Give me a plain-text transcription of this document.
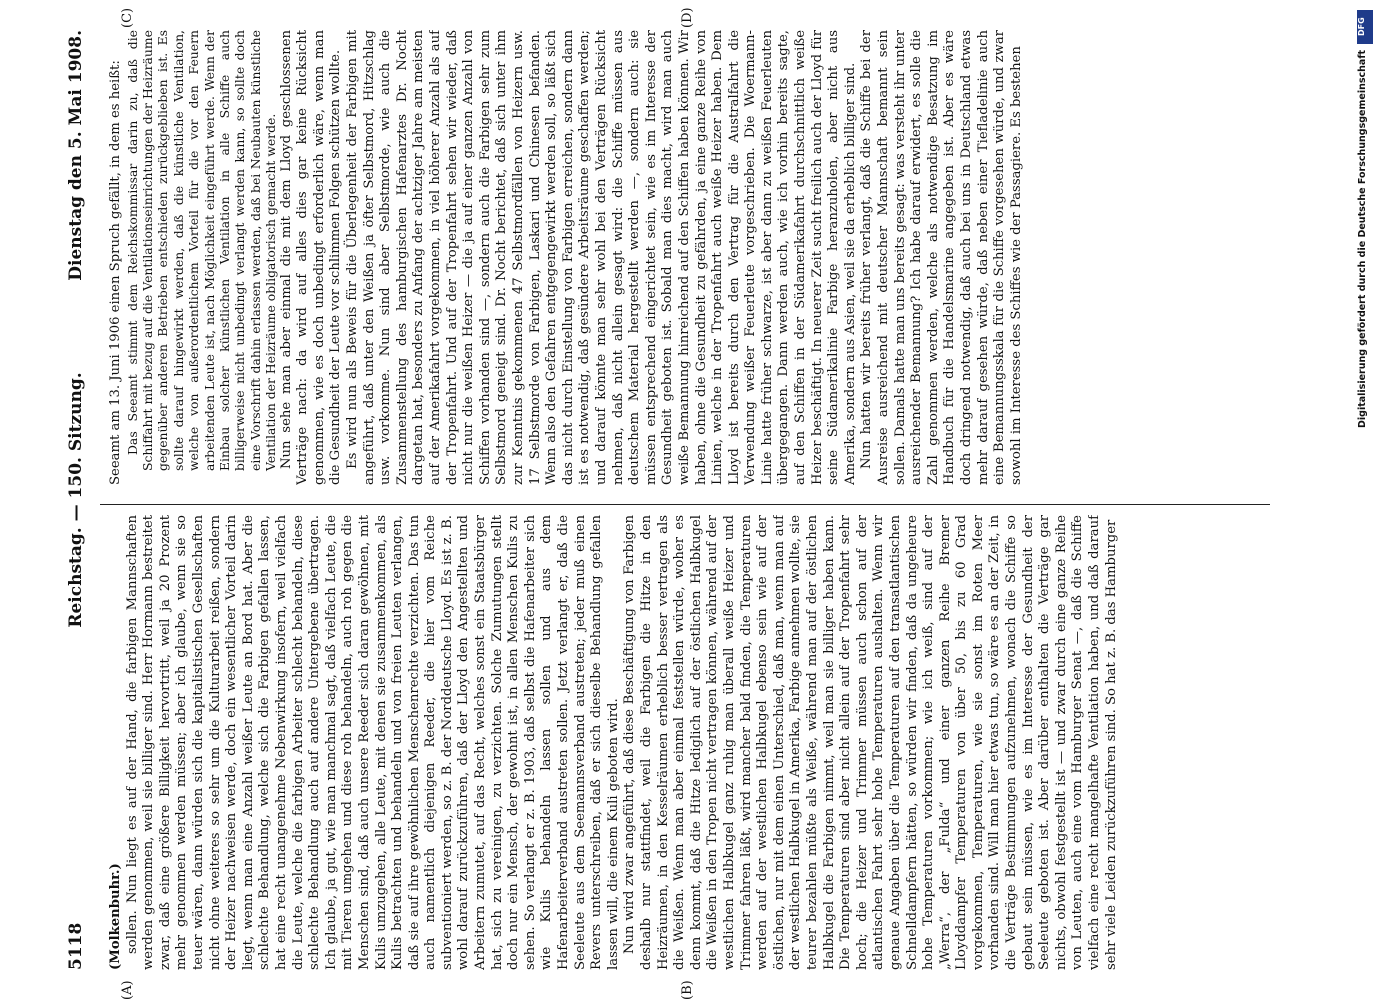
5118
Reichstag. — 150. Sitzung.
Dienstag den 5. Mai 1908.
(A)	(B)
(C)	(D)
(Molkenbuhr.) sollen. Nun liegt es auf der Hand, die farbigen Mannschaften werden genommen, weil sie billiger sind. Herr Hormann bestreitet zwar, daß eine größere Billigkeit hervortritt, weil ja 20 Prozent mehr genommen werden müssen; aber ich glaube, wenn sie so teuer wären, dann würden sich die kapitalistischen Gesellschaften nicht ohne weiteres so sehr um die Kulturarbeit reißen, sondern der Heizer nachweisen werde, doch ein wesentlicher Vorteil darin liegt, wenn man eine Anzahl weißer Leute an Bord hat. Aber die schlechte Behandlung, welche sich die Farbigen gefallen lassen, hat eine recht unangenehme Nebenwirkung insofern, weil vielfach die Leute, welche die farbigen Arbeiter schlecht behandeln, diese schlechte Behandlung auch auf andere Untergebene übertragen. Ich glaube, ja gut, wie man manchmal sagt, daß vielfach Leute, die mit Tieren umgehen und diese roh behandeln, auch roh gegen die Menschen sind, daß auch unsere Reeder sich daran gewöhnen, mit Kulis umzugehen, alle Leute, mit denen sie zusammenkommen, als Kulis betrachten und behandeln und von freien Leuten verlangen, daß sie auf ihre gewöhnlichen Menschenrechte verzichten. Das tun auch namentlich diejenigen Reeder, die hier vom Reiche subventioniert werden, so z. B. der Norddeutsche Lloyd. Es ist z. B. wohl darauf zurückzuführen, daß der Lloyd den Angestellten und Arbeitern zumutet, auf das Recht, welches sonst ein Staatsbürger hat, sich zu vereinigen, zu verzichten. Solche Zumutungen stellt doch nur ein Mensch, der gewohnt ist, in allen Menschen Kulis zu sehen. So verlangt er z. B. 1903, daß selbst die Hafenarbeiter sich wie Kulis behandeln lassen sollen und aus dem Hafenarbeiterverband austreten sollen. Jetzt verlangt er, daß die Seeleute aus dem Seemannsverband austreten; jeder muß einen Revers unterschreiben, daß er sich dieselbe Behandlung gefallen lassen will, die einem Kuli geboten wird. Nun wird zwar angeführt, daß diese Beschäftigung von Farbigen deshalb nur stattfindet, weil die Farbigen die Hitze in den Heizräumen, in den Kesselräumen erheblich besser vertragen als die Weißen. Wenn man aber einmal feststellen würde, woher es denn kommt, daß die Hitze lediglich auf der östlichen Halbkugel die Weißen in den Tropen nicht vertragen können, während auf der westlichen Halbkugel ganz ruhig man überall weiße Heizer und Trimmer fahren läßt, wird mancher bald finden, die Temperaturen werden auf der westlichen Halbkugel ebenso sein wie auf der östlichen, nur mit dem einen Unterschied, daß man, wenn man auf der westlichen Halbkugel in Amerika, Farbige annehmen wollte, sie teurer bezahlen müßte als Weiße, während man auf der östlichen Halbkugel die Farbigen nimmt, weil man sie billiger haben kann. Die Temperaturen sind aber nicht allein auf der Tropenfahrt sehr hoch; die Heizer und Trimmer müssen auch schon auf der atlantischen Fahrt sehr hohe Temperaturen aushalten. Wenn wir genaue Angaben über die Temperaturen auf den transatlantischen Schnelldampfern hätten, so würden wir finden, daß da ungeheure hohe Temperaturen vorkommen; wie ich weiß, sind auf der „Werra“, der „Fulda“ und einer ganzen Reihe Bremer Lloyddampfer Temperaturen von über 50, bis zu 60 Grad vorgekommen, Temperaturen, wie sie sonst im Roten Meer vorhanden sind. Will man hier etwas tun, so wäre es an der Zeit, in die Verträge Bestimmungen aufzunehmen, wonach die Schiffe so gebaut sein müssen, wie es im Interesse der Gesundheit der Seeleute geboten ist. Aber darüber enthalten die Verträge gar nichts, obwohl festgestellt ist — und zwar durch eine ganze Reihe von Leuten, auch eine vom Hamburger Senat —, daß die Schiffe vielfach eine recht mangelhafte Ventilation haben, und daß darauf sehr viele Leiden zurückzuführen sind. So hat z. B. das Hamburger

Seeamt am 13. Juni 1906 einen Spruch gefällt, in dem es heißt: Das Seeamt stimmt dem Reichskommissar darin zu, daß die Schiffahrt mit bezug auf die Ventilationseinrichtungen der Heizräume gegenüber anderen Betrieben entschieden zurückgeblieben ist. Es sollte darauf hingewirkt werden, daß die künstliche Ventilation, welche von außerordentlichem Vorteil für die vor den Feuern arbeitenden Leute ist, nach Möglichkeit eingeführt werde. Wenn der Einbau solcher künstlichen Ventilation in alle Schiffe auch billigerweise nicht unbedingt verlangt werden kann, so sollte doch eine Vorschrift dahin erlassen werden, daß bei Neubauten künstliche Ventilation der Heizräume obligatorisch gemacht werde. Nun sehe man aber einmal die mit dem Lloyd geschlossenen Verträge nach: da wird auf alles dies gar keine Rücksicht genommen, wie es doch unbedingt erforderlich wäre, wenn man die Gesundheit der Leute vor schlimmen Folgen schützen wollte. Es wird nun als Beweis für die Überlegenheit der Farbigen mit angeführt, daß unter den Weißen ja öfter Selbstmord, Hitzschlag usw. vorkomme. Nun sind aber Selbstmorde, wie auch die Zusammenstellung des hamburgischen Hafenarztes Dr. Nocht dargetan hat, besonders zu Anfang der achtziger Jahre am meisten auf der Amerikafahrt vorgekommen, in viel höherer Anzahl als auf der Tropenfahrt. Und auf der Tropenfahrt sehen wir wieder, daß nicht nur die weißen Heizer — die ja auf einer ganzen Anzahl von Schiffen vorhanden sind —, sondern auch die Farbigen sehr zum Selbstmord geneigt sind. Dr. Nocht berichtet, daß sich unter ihm zur Kenntnis gekommenen 47 Selbstmordfällen von Heizern usw. 17 Selbstmorde von Farbigen, Laskari und Chinesen befanden. Wenn also den Gefahren entgegengewirkt werden soll, so läßt sich das nicht durch Einstellung von Farbigen erreichen, sondern dann ist es notwendig, daß gesündere Arbeitsräume geschaffen werden; und darauf könnte man sehr wohl bei den Verträgen Rücksicht nehmen, daß nicht allein gesagt wird: die Schiffe müssen aus deutschem Material hergestellt werden —, sondern auch: sie müssen entsprechend eingerichtet sein, wie es im Interesse der Gesundheit geboten ist. Sobald man dies macht, wird man auch weiße Bemannung hinreichend auf den Schiffen haben können. Wir haben, ohne die Gesundheit zu gefährden, ja eine ganze Reihe von Linien, welche in der Tropenfahrt auch weiße Heizer haben. Dem Lloyd ist bereits durch den Vertrag für die Australfahrt die Verwendung weißer Feuerleute vorgeschrieben. Die Woermann-Linie hatte früher schwarze, ist aber dann zu weißen Feuerleuten übergegangen. Dann werden auch, wie ich vorhin bereits sagte, auf den Schiffen in der Südamerikafahrt durchschnittlich weiße Heizer beschäftigt. In neuerer Zeit sucht freilich auch der Lloyd für seine Südamerikalinie Farbige heranzuholen, aber nicht aus Amerika, sondern aus Asien, weil sie da erheblich billiger sind. Nun hatten wir bereits früher verlangt, daß die Schiffe bei der Ausreise ausreichend mit deutscher Mannschaft bemannt sein sollen. Damals hatte man uns bereits gesagt: was versteht ihr unter ausreichender Bemannung? Ich habe darauf erwidert, es solle die Zahl genommen werden, welche als notwendige Besatzung im Handbuch für die Handelsmarine angegeben ist. Aber es wäre doch dringend notwendig, daß auch bei uns in Deutschland etwas mehr darauf gesehen würde, daß neben einer Tiefladelinie auch eine Bemannungsskala für die Schiffe vorgesehen würde, und zwar sowohl im Interesse des Schiffes wie der Passagiere. Es bestehen

DFG
Digitalisierung gefördert durch die Deutsche Forschungsgemeinschaft
